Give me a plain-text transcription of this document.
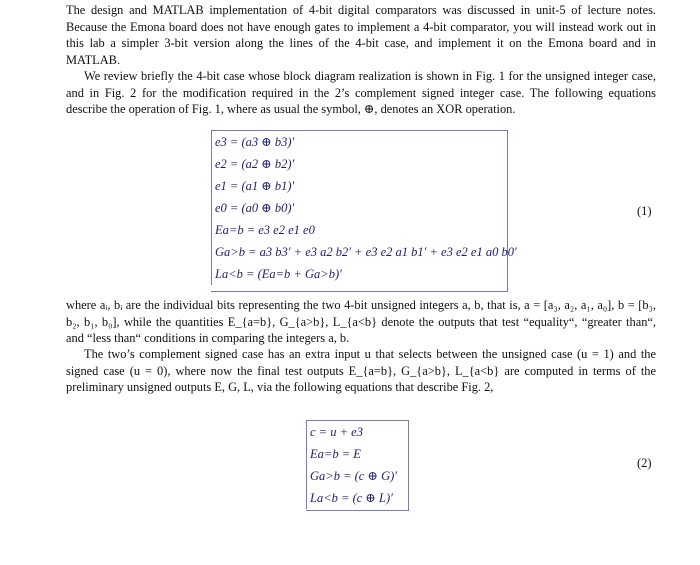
The design and MATLAB implementation of 4-bit digital comparators was discussed in unit-5 of lecture notes. Because the Emona board does not have enough gates to implement a 4-bit comparator, you will instead work out in this lab a simpler 3-bit version along the lines of the 4-bit case, and implement it on the Emona board and in MATLAB.

We review briefly the 4-bit case whose block diagram realization is shown in Fig. 1 for the unsigned integer case, and in Fig. 2 for the modification required in the 2’s complement signed integer case. The following equations describe the operation of Fig. 1, where as usual the symbol, ⊕, denotes an XOR operation.

where aᵢ, bᵢ are the individual bits representing the two 4-bit unsigned integers a, b, that is, a = [a₃, a₂, a₁, a₀], b = [b₃, b₂, b₁, b₀], while the quantities E_{a=b}, G_{a>b}, L_{a<b} denote the outputs that test “equality“, “greater than“, and “less than“ conditions in comparing the integers a, b.

The two’s complement signed case has an extra input u that selects between the unsigned case (u = 1) and the signed case (u = 0), where now the final test outputs E_{a=b}, G_{a>b}, L_{a<b} are computed in terms of the preliminary unsigned outputs E, G, L, via the following equations that describe Fig. 2,

e3 = (a3 ⊕ b3)′
e2 = (a2 ⊕ b2)′
e1 = (a1 ⊕ b1)′
e0 = (a0 ⊕ b0)′
Ea=b = e3 e2 e1 e0
Ga>b = a3 b3′ + e3 a2 b2′ + e3 e2 a1 b1′ + e3 e2 e1 a0 b0′
La<b = (Ea=b + Ga>b)′
(1)
c = u + e3
Ea=b = E
Ga>b = (c ⊕ G)′
La<b = (c ⊕ L)′
(2)
